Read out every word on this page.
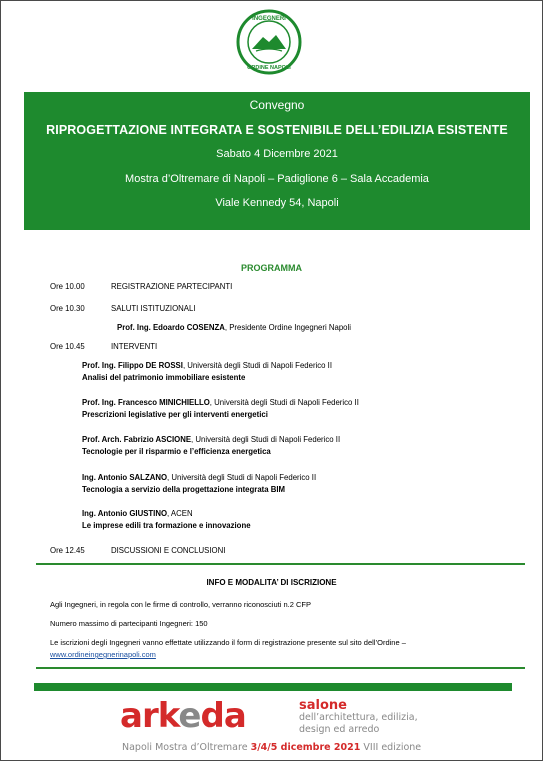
INGEGNERI
ORDINE NAPOLI
Convegno
RIPROGETTAZIONE INTEGRATA E SOSTENIBILE DELL’EDILIZIA ESISTENTE
Sabato 4 Dicembre 2021
Mostra d’Oltremare di Napoli – Padiglione 6 – Sala Accademia
Viale Kennedy 54, Napoli
PROGRAMMA
Ore 10.00	REGISTRAZIONE PARTECIPANTI
Ore 10.30	SALUTI ISTITUZIONALI
Prof. Ing. Edoardo COSENZA, Presidente Ordine Ingegneri Napoli
Ore 10.45	INTERVENTI
Prof. Ing. Filippo DE ROSSI, Università degli Studi di Napoli Federico II
Analisi del patrimonio immobiliare esistente
Prof. Ing. Francesco MINICHIELLO, Università degli Studi di Napoli Federico II
Prescrizioni legislative per gli interventi energetici
Prof. Arch. Fabrizio ASCIONE, Università degli Studi di Napoli Federico II
Tecnologie per il risparmio e l’efficienza energetica
Ing. Antonio SALZANO, Università degli Studi di Napoli Federico II
Tecnologia a servizio della progettazione integrata BIM
Ing. Antonio GIUSTINO, ACEN
Le imprese edili tra formazione e innovazione
Ore 12.45	DISCUSSIONI E CONCLUSIONI
INFO E MODALITA’ DI ISCRIZIONE
Agli Ingegneri, in regola con le firme di controllo, verranno riconosciuti n.2 CFP
Numero massimo di partecipanti Ingegneri: 150
Le iscrizioni degli Ingegneri vanno effettate utilizzando il form di registrazione presente sul sito dell’Ordine –
www.ordineingegnerinapoli.com
arkeda	salone
dell’architettura, edilizia,
design ed arredo
Napoli Mostra d’Oltremare 3/4/5 dicembre 2021 VIII edizione
